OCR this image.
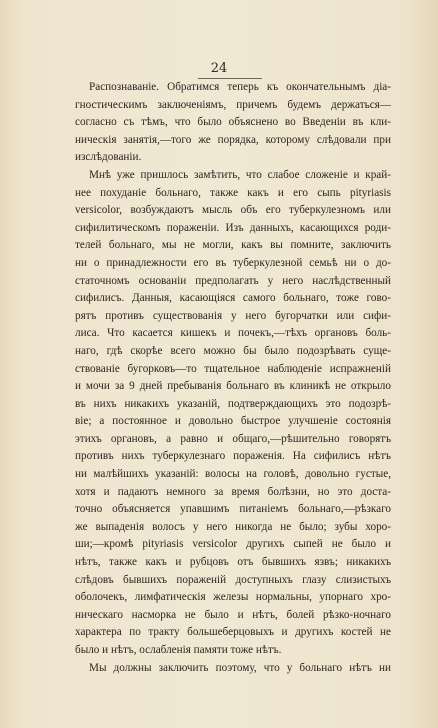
24
Распознаваніе. Обратимся теперь къ окончательнымъ діа-
гностическимъ заключеніямъ, причемъ будемъ держаться—
согласно съ тѣмъ, что было объяснено во Введеніи въ кли-
ническія занятія,—того же порядка, которому слѣдовали при
изслѣдованіи.
Мнѣ уже пришлось замѣтить, что слабое сложеніе и край-
нее похуданіе больнаго, также какъ и его сыпь pityriasis
versicolor, возбуждаютъ мысль объ его туберкулезномъ или
сифилитическомъ пораженіи. Изъ данныхъ, касающихся роди-
телей больнаго, мы не могли, какъ вы помните, заключить
ни о принадлежности его въ туберкулезной семьѣ ни о до-
статочномъ основаніи предполагать у него наслѣдственный
сифилисъ. Данныя, касающіяся самого больнаго, тоже гово-
рятъ противъ существованія у него бугорчатки или сифи-
лиса. Что касается кишекъ и почекъ,—тѣхъ органовъ боль-
наго, гдѣ скорѣе всего можно бы было подозрѣвать суще-
ствованіе бугорковъ—то тщательное наблюденіе испражненій
и мочи за 9 дней пребыванія больнаго въ клиникѣ не открыло
въ нихъ никакихъ указаній, подтверждающихъ это подозрѣ-
віе; а постоянное и довольно быстрое улучшеніе состоянія
этихъ органовъ, а равно и общаго,—рѣшительно говорятъ
противъ нихъ туберкулезнаго пораженія. На сифилисъ нѣтъ
ни малѣйшихъ указаній: волосы на головѣ, довольно густые,
хотя и падаютъ немного за время болѣзни, но это доста-
точно объясняется упавшимъ питаніемъ больнаго,—рѣзкаго
же выпаденія волосъ у него никогда не было; зубы хоро-
ши;—кромѣ pityriasis versicolor другихъ сыпей не было и
нѣтъ, также какъ и рубцовъ отъ бывшихъ язвъ; никакихъ
слѣдовъ бывшихъ пораженій доступныхъ глазу слизистыхъ
оболочекъ, лимфатическія железы нормальны, упорнаго хро-
ническаго насморка не было и нѣтъ, болей рѣзко-ночнаго
характера по тракту большеберцовыхъ и другихъ костей не
было и нѣтъ, ослабленія памяти тоже нѣтъ.
Мы должны заключить поэтому, что у больнаго нѣтъ ни
